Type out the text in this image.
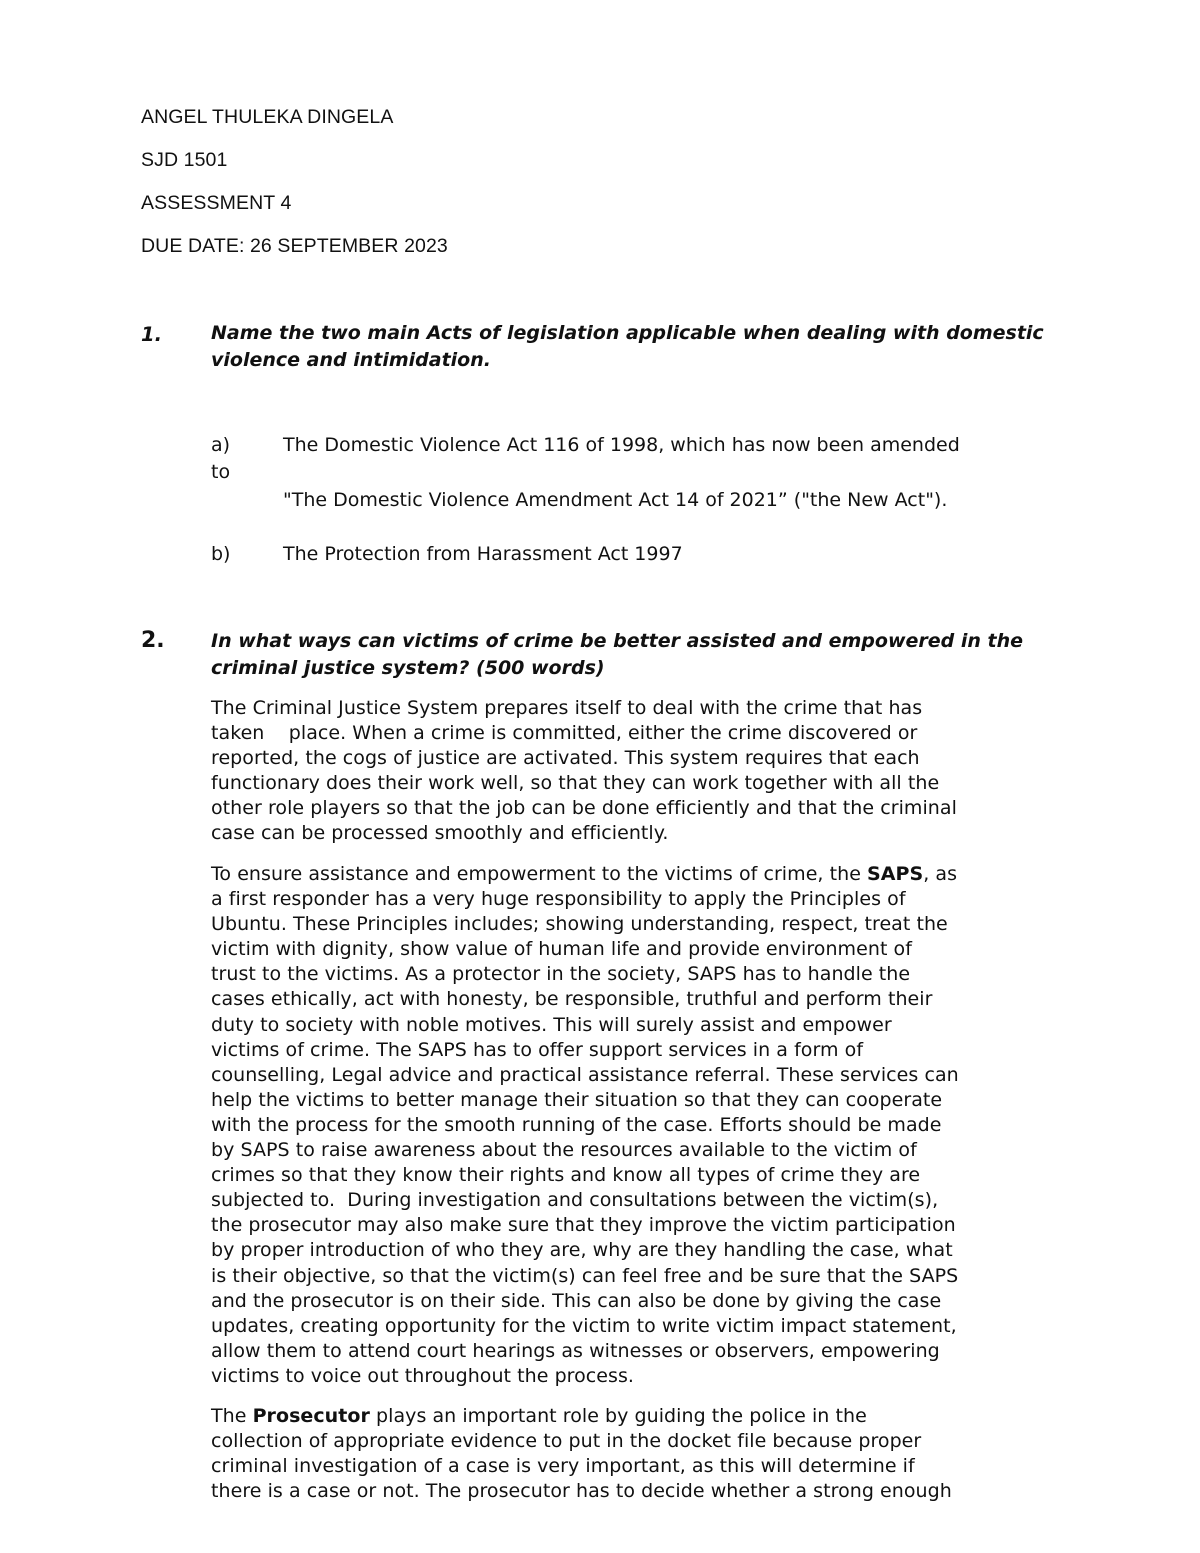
ANGEL THULEKA DINGELA
SJD 1501
ASSESSMENT 4
DUE DATE: 26 SEPTEMBER 2023
1.	Name the two main Acts of legislation applicable when dealing with domestic violence and intimidation.
a)	The Domestic Violence Act 116 of 1998, which has now been amended
to
"The Domestic Violence Amendment Act 14 of 2021” ("the New Act").
b)	The Protection from Harassment Act 1997
2. In what ways can victims of crime be better assisted and empowered in the criminal justice system? (500 words)
The Criminal Justice System prepares itself to deal with the crime that has
taken    place. When a crime is committed, either the crime discovered or
reported, the cogs of justice are activated. This system requires that each
functionary does their work well, so that they can work together with all the
other role players so that the job can be done efficiently and that the criminal
case can be processed smoothly and efficiently.
To ensure assistance and empowerment to the victims of crime, the SAPS, as
a first responder has a very huge responsibility to apply the Principles of
Ubuntu. These Principles includes; showing understanding, respect, treat the
victim with dignity, show value of human life and provide environment of
trust to the victims. As a protector in the society, SAPS has to handle the
cases ethically, act with honesty, be responsible, truthful and perform their
duty to society with noble motives. This will surely assist and empower
victims of crime. The SAPS has to offer support services in a form of
counselling, Legal advice and practical assistance referral. These services can
help the victims to better manage their situation so that they can cooperate
with the process for the smooth running of the case. Efforts should be made
by SAPS to raise awareness about the resources available to the victim of
crimes so that they know their rights and know all types of crime they are
subjected to.  During investigation and consultations between the victim(s),
the prosecutor may also make sure that they improve the victim participation
by proper introduction of who they are, why are they handling the case, what
is their objective, so that the victim(s) can feel free and be sure that the SAPS
and the prosecutor is on their side. This can also be done by giving the case
updates, creating opportunity for the victim to write victim impact statement,
allow them to attend court hearings as witnesses or observers, empowering
victims to voice out throughout the process.
The Prosecutor plays an important role by guiding the police in the
collection of appropriate evidence to put in the docket file because proper
criminal investigation of a case is very important, as this will determine if
there is a case or not. The prosecutor has to decide whether a strong enough
